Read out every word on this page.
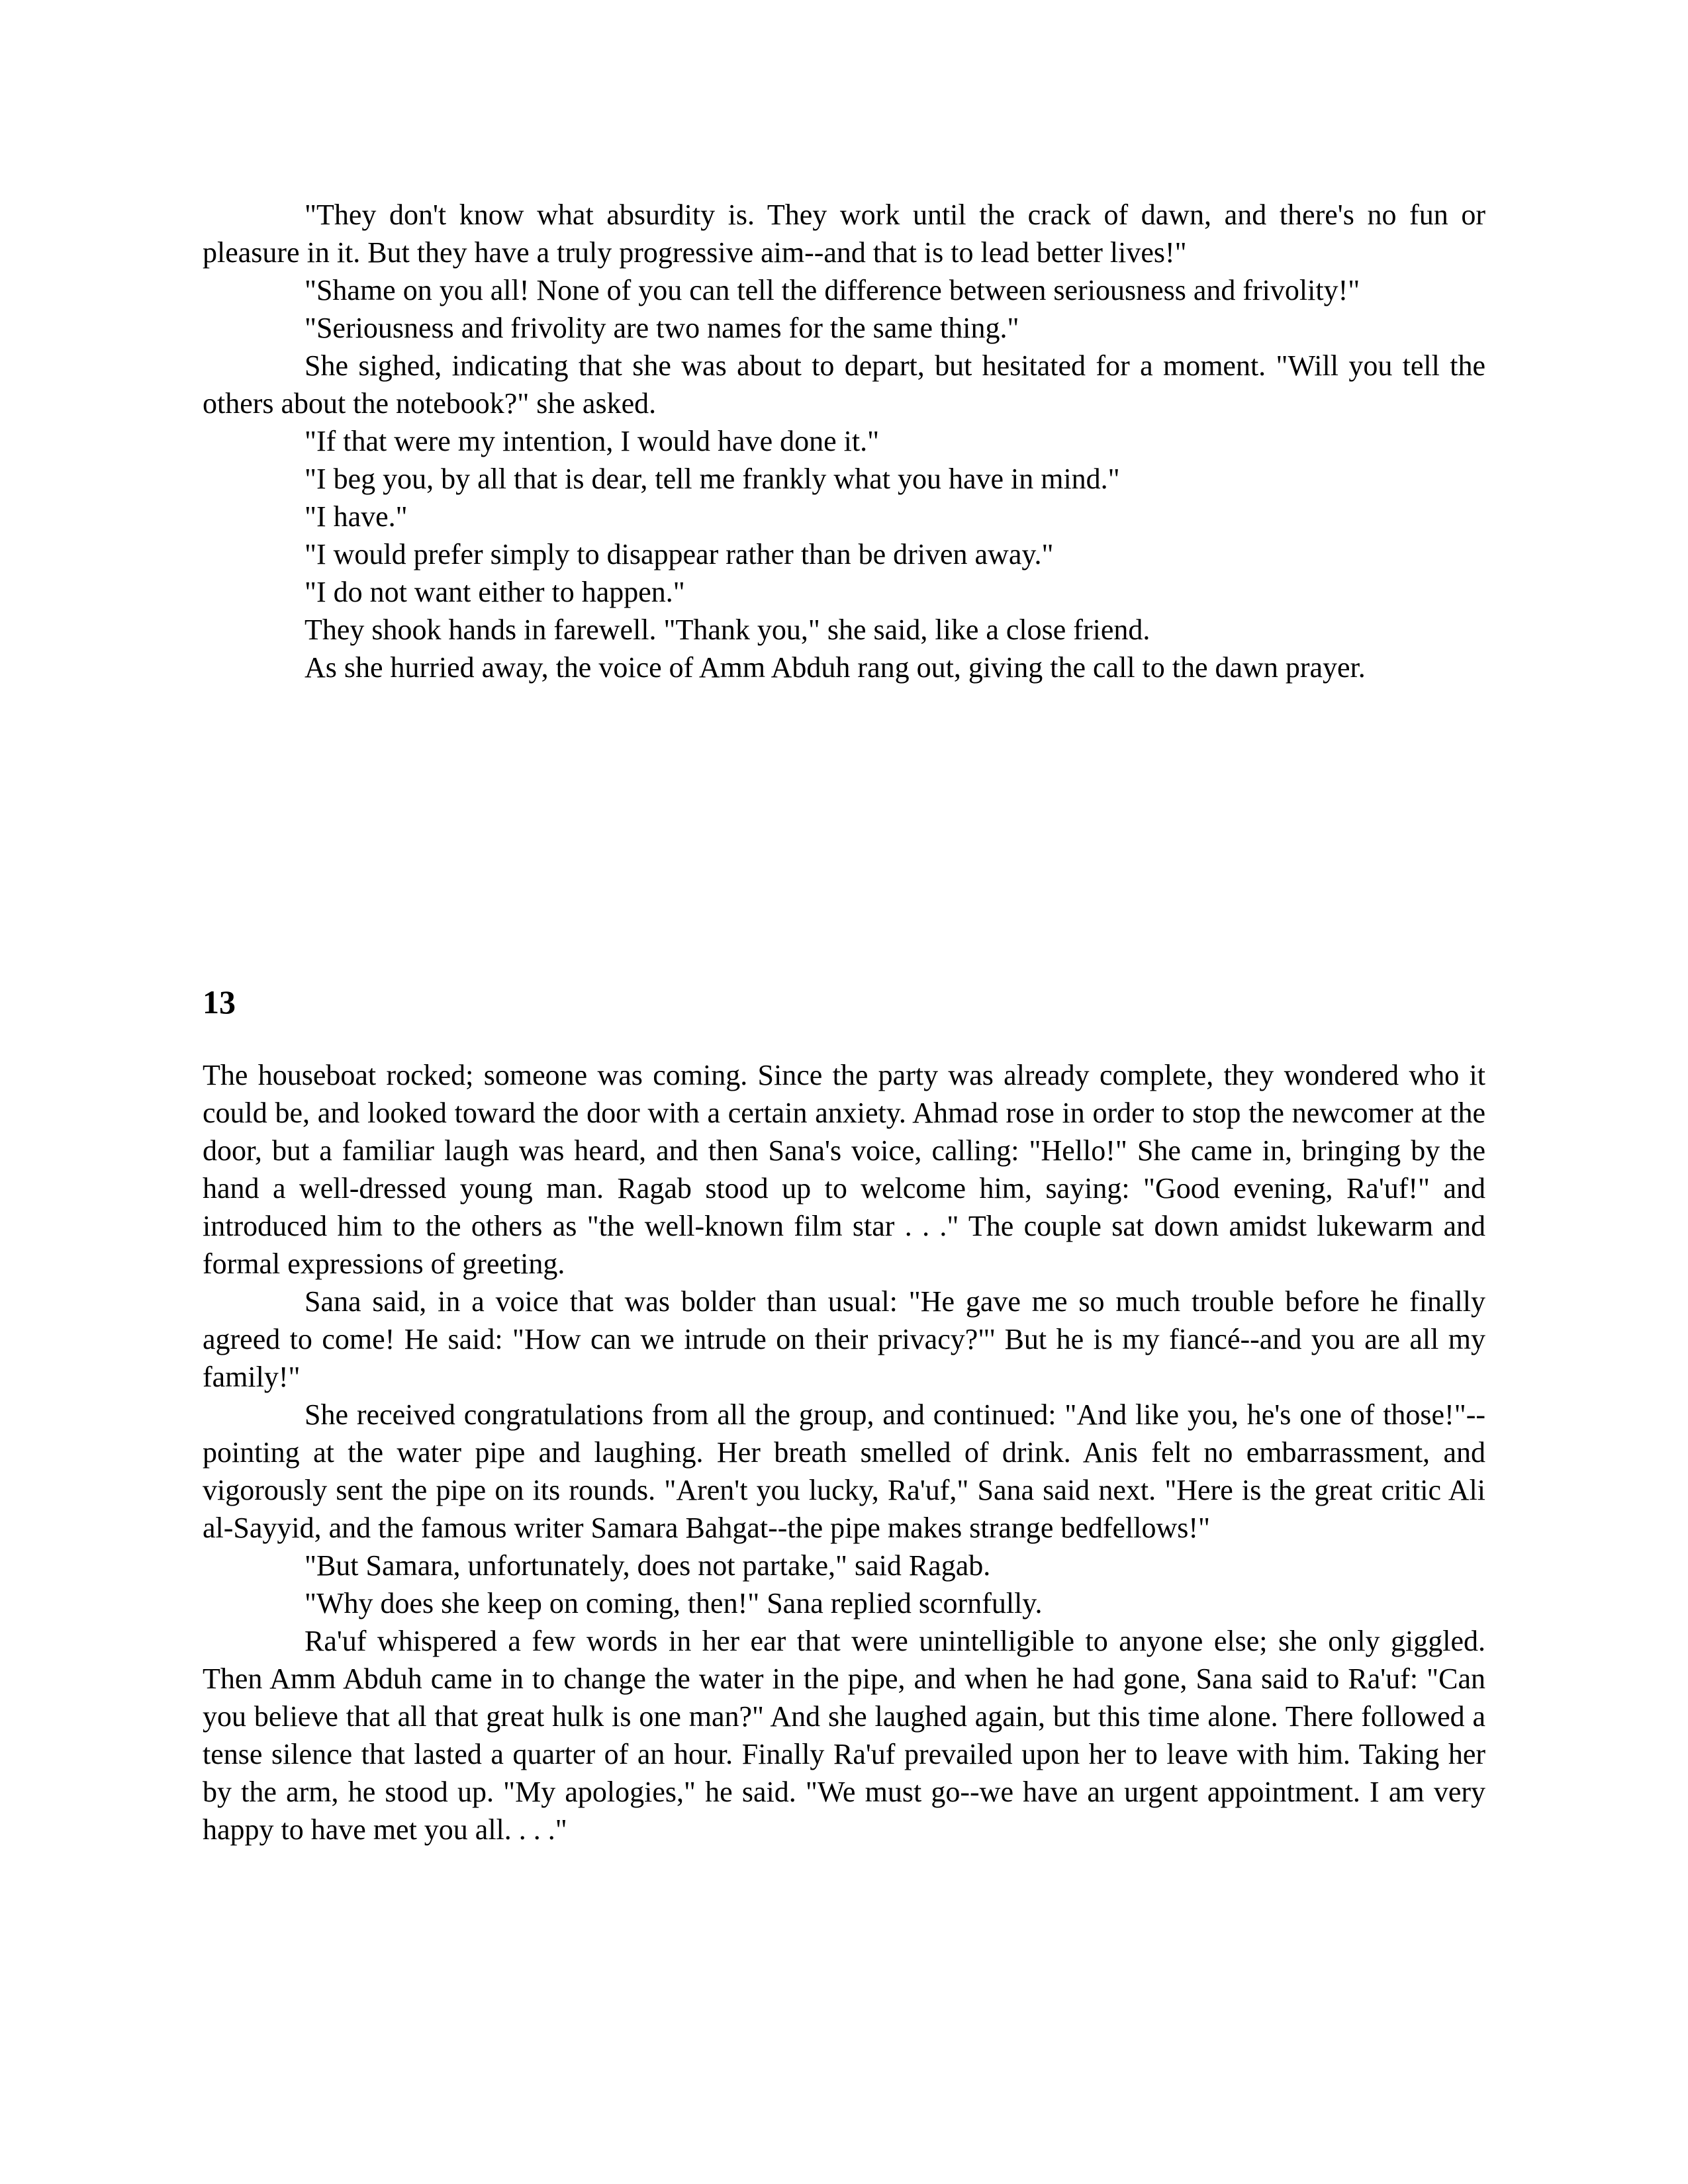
"They don't know what absurdity is. They work until the crack of dawn, and there's no fun or pleasure in it. But they have a truly progressive aim--and that is to lead better lives!"

"Shame on you all! None of you can tell the difference between seriousness and frivolity!"

"Seriousness and frivolity are two names for the same thing."

She sighed, indicating that she was about to depart, but hesitated for a moment. "Will you tell the others about the notebook?" she asked.

"If that were my intention, I would have done it."

"I beg you, by all that is dear, tell me frankly what you have in mind."

"I have."

"I would prefer simply to disappear rather than be driven away."

"I do not want either to happen."

They shook hands in farewell. "Thank you," she said, like a close friend.

As she hurried away, the voice of Amm Abduh rang out, giving the call to the dawn prayer.

13

The houseboat rocked; someone was coming. Since the party was already complete, they wondered who it could be, and looked toward the door with a certain anxiety. Ahmad rose in order to stop the newcomer at the door, but a familiar laugh was heard, and then Sana's voice, calling: "Hello!" She came in, bringing by the hand a well-dressed young man. Ragab stood up to welcome him, saying: "Good evening, Ra'uf!" and introduced him to the others as "the well-known film star . . ." The couple sat down amidst lukewarm and formal expressions of greeting.

Sana said, in a voice that was bolder than usual: "He gave me so much trouble before he finally agreed to come! He said: "How can we intrude on their privacy?"' But he is my fiancé--and you are all my family!"

She received congratulations from all the group, and continued: "And like you, he's one of those!"--pointing at the water pipe and laughing. Her breath smelled of drink. Anis felt no embarrassment, and vigorously sent the pipe on its rounds. "Aren't you lucky, Ra'uf," Sana said next. "Here is the great critic Ali al-Sayyid, and the famous writer Samara Bahgat--the pipe makes strange bedfellows!"

"But Samara, unfortunately, does not partake," said Ragab.

"Why does she keep on coming, then!" Sana replied scornfully.

Ra'uf whispered a few words in her ear that were unintelligible to anyone else; she only giggled. Then Amm Abduh came in to change the water in the pipe, and when he had gone, Sana said to Ra'uf: "Can you believe that all that great hulk is one man?" And she laughed again, but this time alone. There followed a tense silence that lasted a quarter of an hour. Finally Ra'uf prevailed upon her to leave with him. Taking her by the arm, he stood up. "My apologies," he said. "We must go--we have an urgent appointment. I am very happy to have met you all. . . ."
